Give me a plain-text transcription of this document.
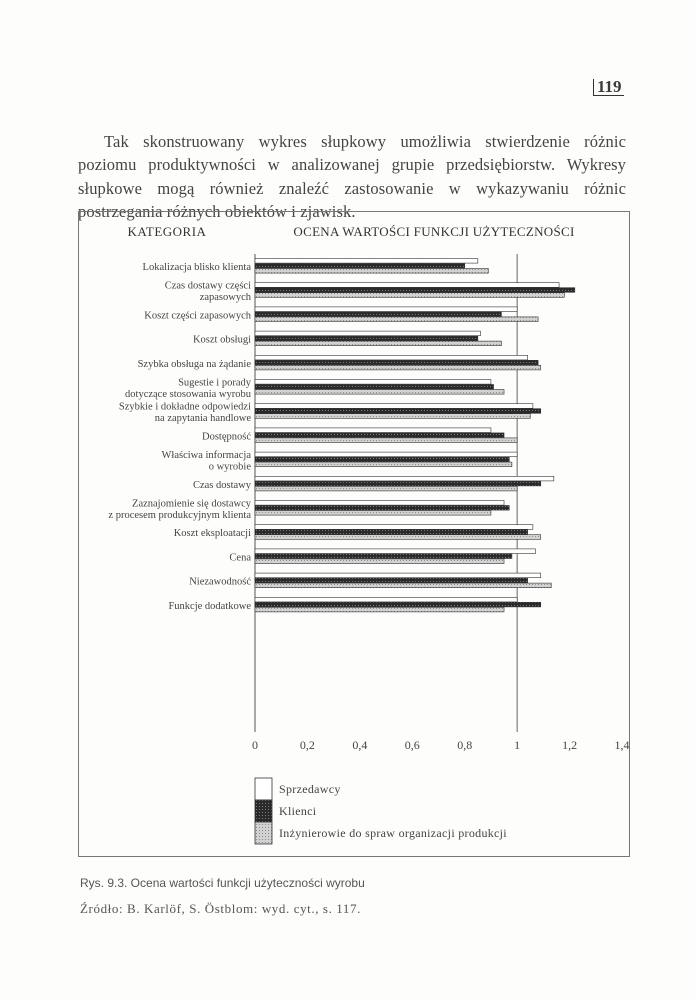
119

Tak skonstruowany wykres słupkowy umożliwia stwierdzenie różnic poziomu produktywności w analizowanej grupie przedsiębiorstw. Wykresy słupkowe mogą również znaleźć zastosowanie w wykazywaniu różnic postrzegania różnych obiektów i zjawisk.

KATEGORIA	OCENA WARTOŚCI FUNKCJI UŻYTECZNOŚCI
Lokalizacja blisko klienta
Czas dostawy części
zapasowych
Koszt części zapasowych
Koszt obsługi
Szybka obsługa na żądanie
Sugestie i porady
dotyczące stosowania wyrobu
Szybkie i dokładne odpowiedzi
na zapytania handlowe
Dostępność
Właściwa informacja
o wyrobie
Czas dostawy
Zaznajomienie się dostawcy
z procesem produkcyjnym klienta
Koszt eksploatacji
Cena
Niezawodność
Funkcje dodatkowe
0	0,2	0,4	0,6	0,8	1	1,2	1,4
Sprzedawcy
Klienci
Inżynierowie do spraw organizacji produkcji
Rys. 9.3. Ocena wartości funkcji użyteczności wyrobu
Źródło: B. Karlöf, S. Östblom: wyd. cyt., s. 117.
